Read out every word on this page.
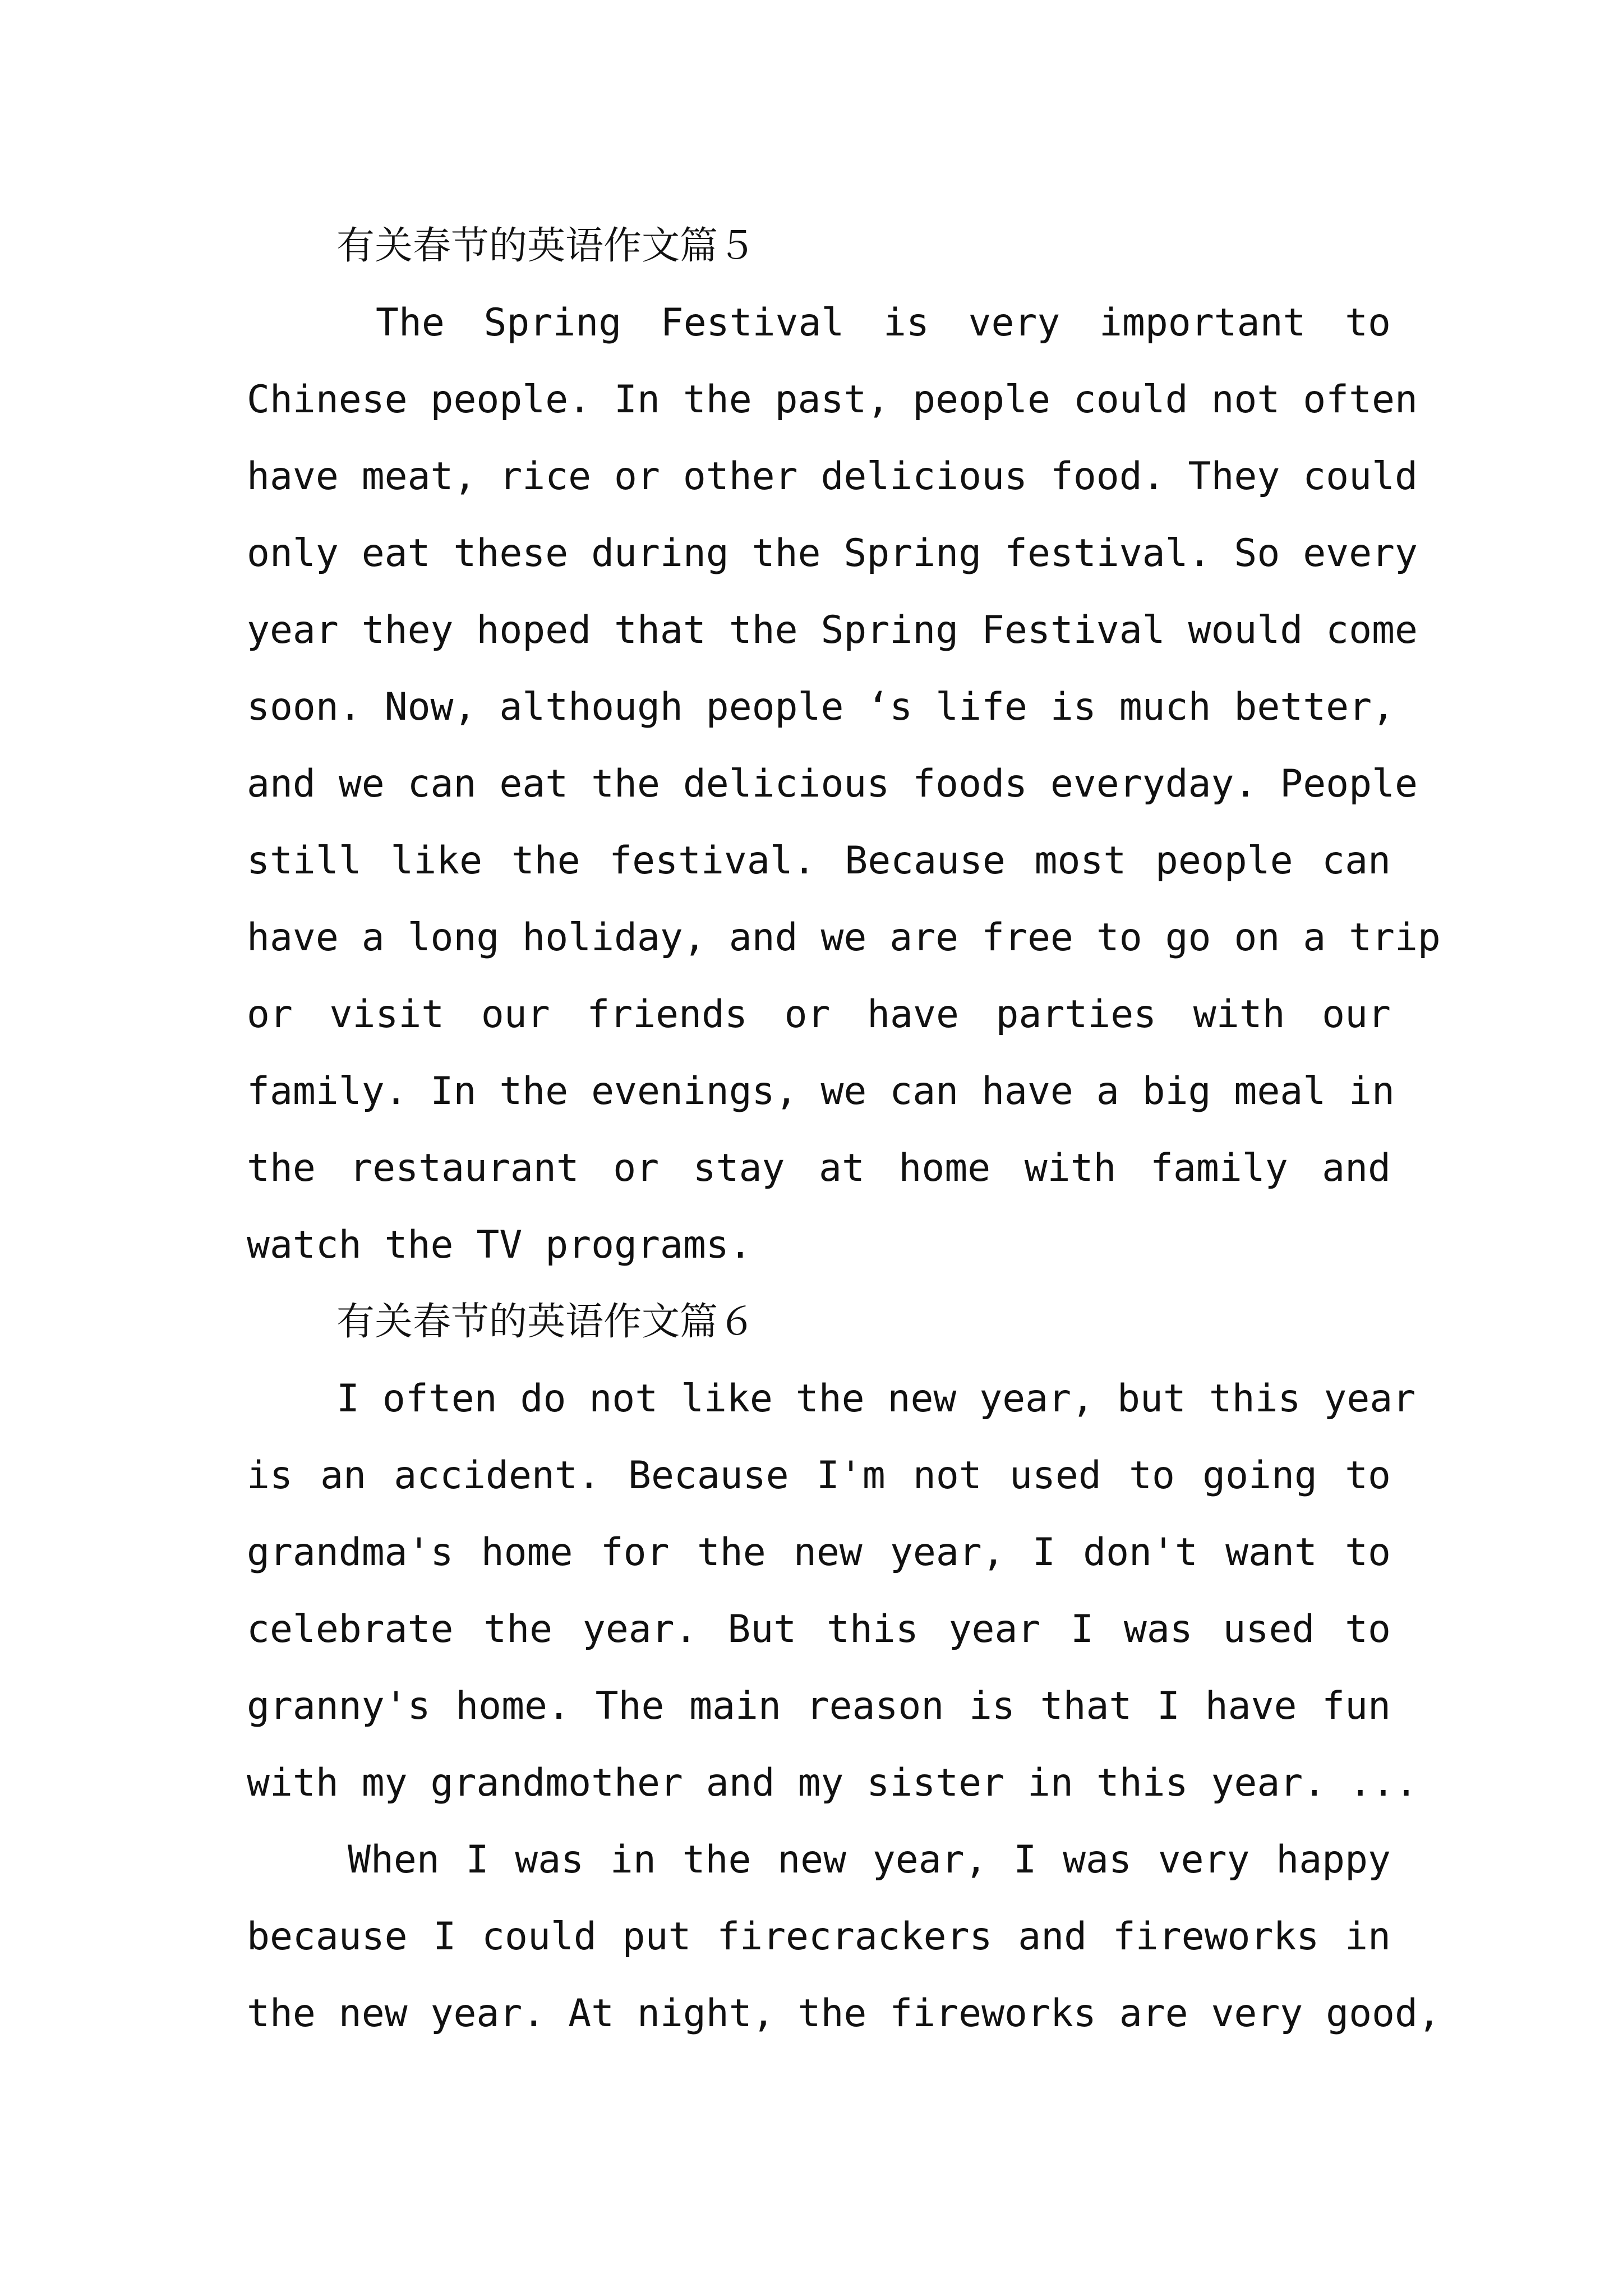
有关春节的英语作文篇５
The Spring Festival is very important to
Chinese people. In the past, people could not often
have meat, rice or other delicious food. They could
only eat these during the Spring festival. So every
year they hoped that the Spring Festival would come
soon. Now, although people ‘s life is much better,
and we can eat the delicious foods everyday. People
still like the festival. Because most people can
have a long holiday, and we are free to go on a trip
or visit our friends or have parties with our
family. In the evenings, we can have a big meal in
the restaurant or stay at home with family and
watch the TV programs.
有关春节的英语作文篇６
I often do not like the new year, but this year
is an accident. Because I'm not used to going to
grandma's home for the new year, I don't want to
celebrate the year. But this year I was used to
granny's home. The main reason is that I have fun
with my grandmother and my sister in this year. ...
When I was in the new year, I was very happy
because I could put firecrackers and fireworks in
the new year. At night, the fireworks are very good,
